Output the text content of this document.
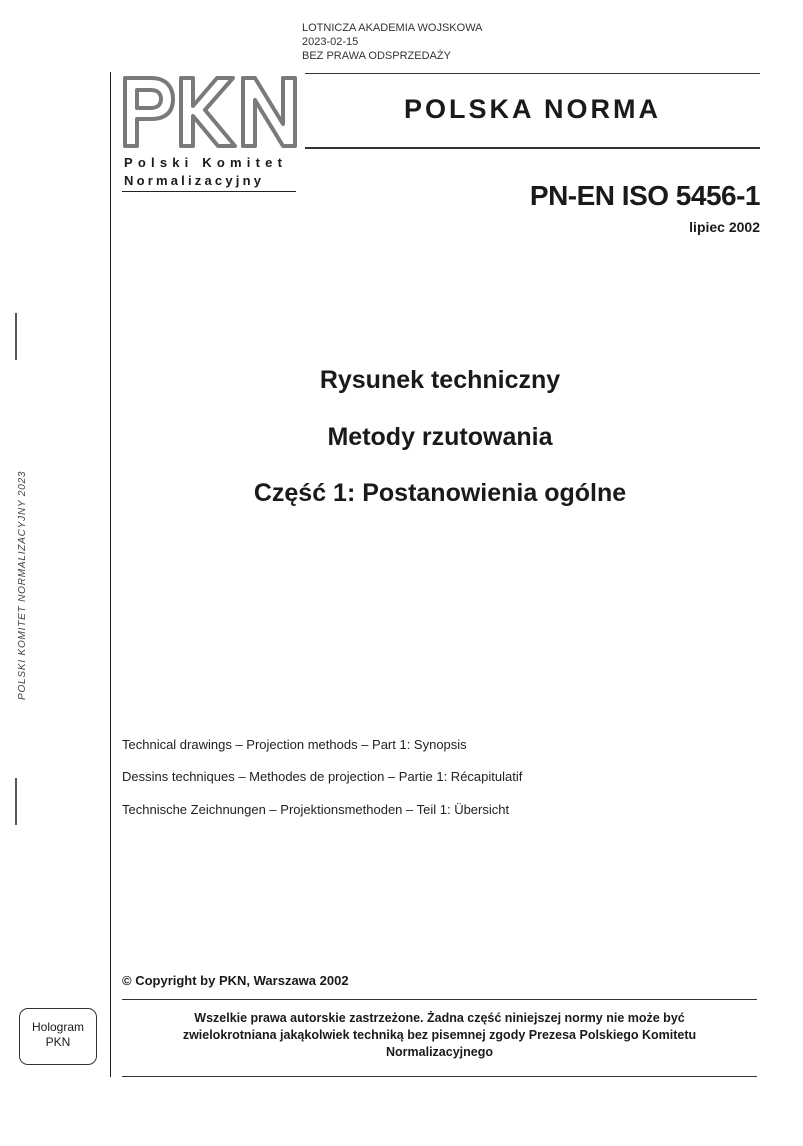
LOTNICZA AKADEMIA WOJSKOWA
2023-02-15
BEZ PRAWA ODSPRZEDAŻY
Polski Komitet
Normalizacyjny
POLSKA NORMA
PN-EN ISO 5456-1
lipiec 2002
Rysunek techniczny
Metody rzutowania
Część 1: Postanowienia ogólne
Technical drawings – Projection methods – Part 1: Synopsis
Dessins techniques – Methodes de projection – Partie 1: Récapitulatif
Technische Zeichnungen – Projektionsmethoden – Teil 1: Übersicht
© Copyright by PKN, Warszawa 2002
Wszelkie prawa autorskie zastrzeżone. Żadna część niniejszej normy nie może być
zwielokrotniana jakąkolwiek techniką bez pisemnej zgody Prezesa Polskiego Komitetu
Normalizacyjnego
Hologram
PKN
POLSKI KOMITET NORMALIZACYJNY 2023
